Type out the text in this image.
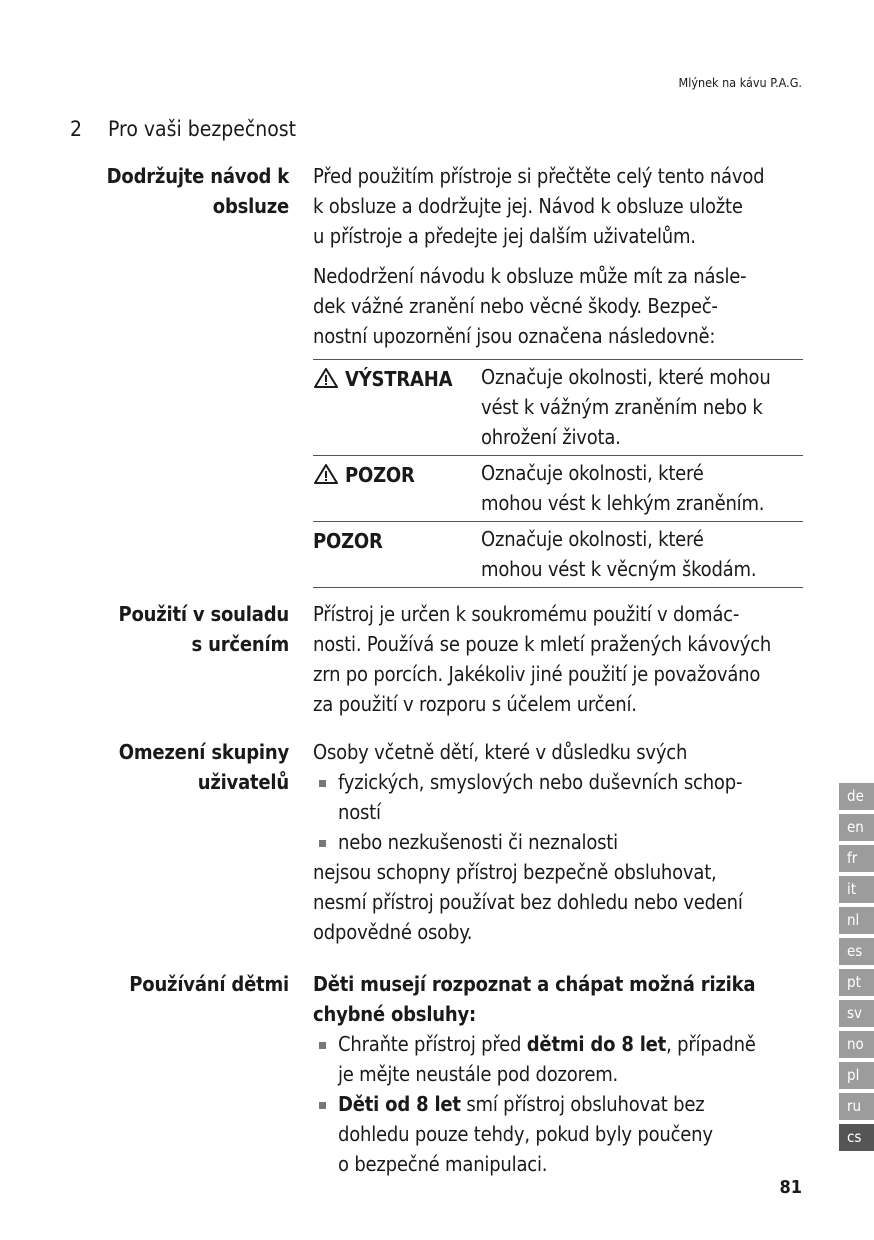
Mlýnek na kávu P.A.G.
2	Pro vaši bezpečnost
Dodržujte návod k
obsluze
Před použitím přístroje si přečtěte celý tento návod
k obsluze a dodržujte jej. Návod k obsluze uložte
u přístroje a předejte jej dalším uživatelům.
Nedodržení návodu k obsluze může mít za násle-
dek vážné zranění nebo věcné škody. Bezpeč-
nostní upozornění jsou označena následovně:
VÝSTRAHA	Označuje okolnosti, které mohou
vést k vážným zraněním nebo k
ohrožení života.

POZOR	Označuje okolnosti, které
mohou vést k lehkým zraněním.

POZOR	Označuje okolnosti, které
mohou vést k věcným škodám.
Použití v souladu
s určením
Přístroj je určen k soukromému použití v domác-
nosti. Používá se pouze k mletí pražených kávových
zrn po porcích. Jakékoliv jiné použití je považováno
za použití v rozporu s účelem určení.
Omezení skupiny
uživatelů
Osoby včetně dětí, které v důsledku svých
fyzických, smyslových nebo duševních schop-
ností
nebo nezkušenosti či neznalosti
nejsou schopny přístroj bezpečně obsluhovat,
nesmí přístroj používat bez dohledu nebo vedení
odpovědné osoby.
Používání dětmi Děti musejí rozpoznat a chápat možná rizika
chybné obsluhy:
Chraňte přístroj před dětmi do 8 let, případně
je mějte neustále pod dozorem.
Děti od 8 let smí přístroj obsluhovat bez
dohledu pouze tehdy, pokud byly poučeny
o bezpečné manipulaci.
de
en
fr
it
nl
es
pt
sv
no
pl
ru
cs
81
